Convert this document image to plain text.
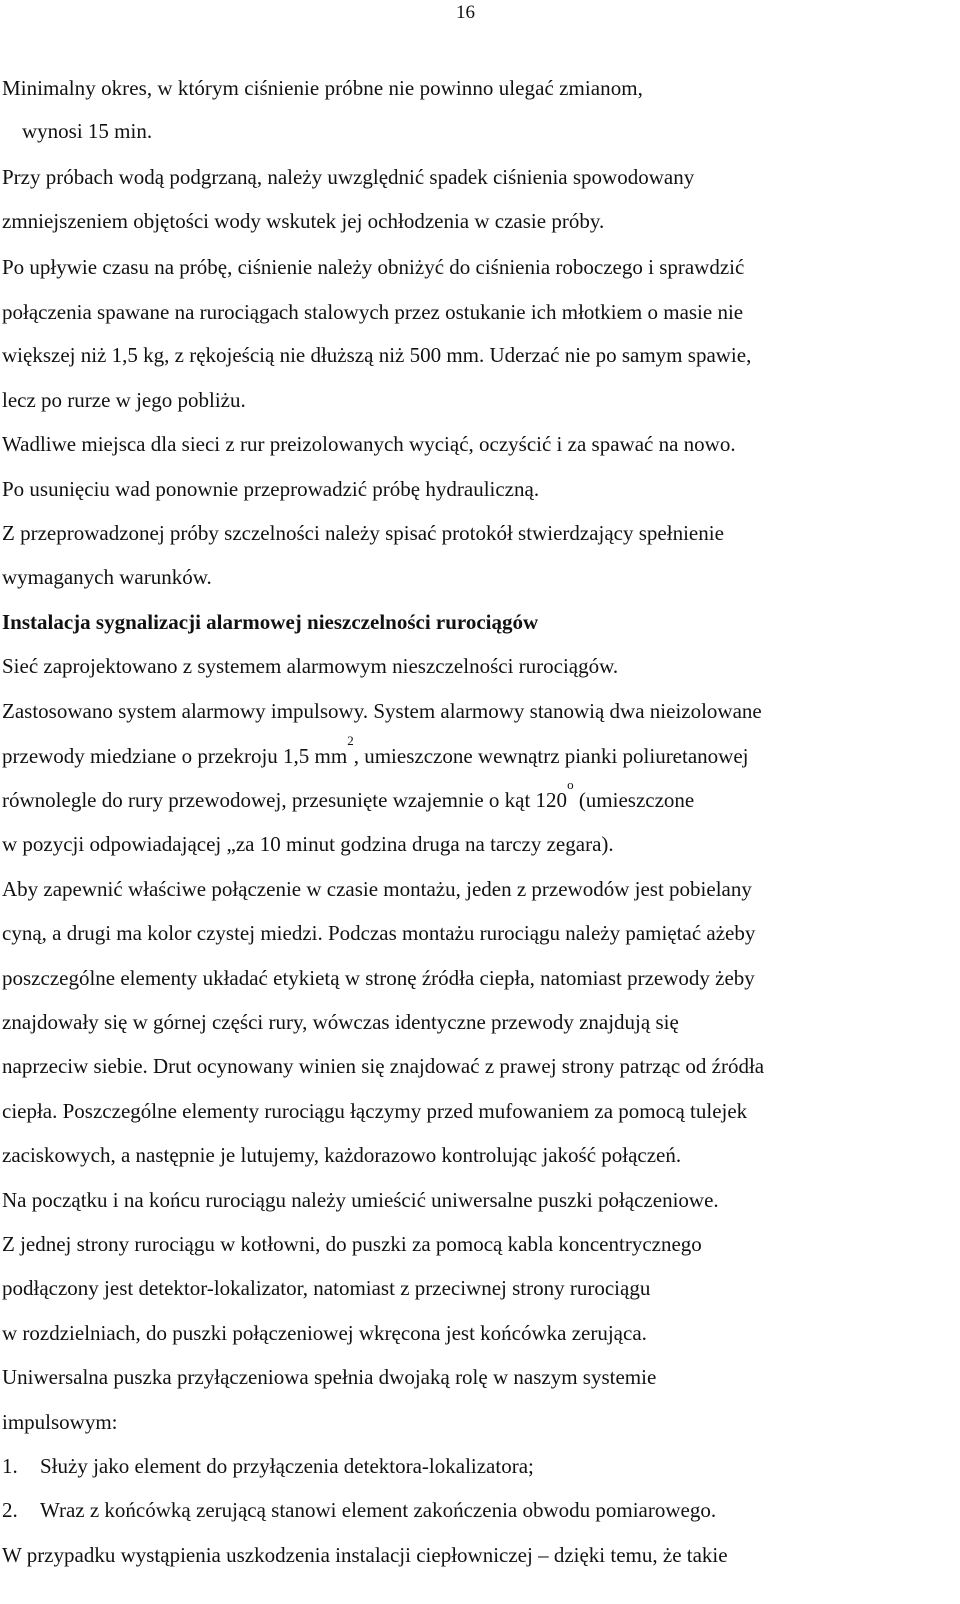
16
Minimalny okres, w którym ciśnienie próbne nie powinno ulegać zmianom,
wynosi 15 min.
Przy próbach wodą podgrzaną, należy uwzględnić spadek ciśnienia spowodowany
zmniejszeniem objętości wody wskutek jej ochłodzenia w czasie próby.
Po upływie czasu na próbę, ciśnienie należy obniżyć do ciśnienia roboczego i sprawdzić
połączenia spawane na rurociągach stalowych przez ostukanie ich młotkiem o masie nie
większej niż 1,5 kg, z rękojeścią nie dłuższą niż 500 mm. Uderzać nie po samym spawie,
lecz po rurze w jego pobliżu.
Wadliwe miejsca dla sieci z rur preizolowanych wyciąć, oczyścić i za spawać na nowo.
Po usunięciu wad ponownie przeprowadzić próbę hydrauliczną.
Z przeprowadzonej próby szczelności należy spisać protokół stwierdzający spełnienie
wymaganych warunków.
Instalacja sygnalizacji alarmowej nieszczelności rurociągów
Sieć zaprojektowano z systemem alarmowym nieszczelności rurociągów.
Zastosowano system alarmowy impulsowy. System alarmowy stanowią dwa nieizolowane
przewody miedziane o przekroju 1,5 $mm^2$, umieszczone wewnątrz pianki poliuretanowej
równolegle do rury przewodowej, przesunięte wzajemnie o kąt 120$^o$ (umieszczone
w pozycji odpowiadającej „za 10 minut godzina druga na tarczy zegara).
Aby zapewnić właściwe połączenie w czasie montażu, jeden z przewodów jest pobielany
cyną, a drugi ma kolor czystej miedzi. Podczas montażu rurociągu należy pamiętać ażeby
poszczególne elementy układać etykietą w stronę źródła ciepła, natomiast przewody żeby
znajdowały się w górnej części rury, wówczas identyczne przewody znajdują się
naprzeciw siebie. Drut ocynowany winien się znajdować z prawej strony patrząc od źródła
ciepła. Poszczególne elementy rurociągu łączymy przed mufowaniem za pomocą tulejek
zaciskowych, a następnie je lutujemy, każdorazowo kontrolując jakość połączeń.
Na początku i na końcu rurociągu należy umieścić uniwersalne puszki połączeniowe.
Z jednej strony rurociągu w kotłowni, do puszki za pomocą kabla koncentrycznego
podłączony jest detektor-lokalizator, natomiast z przeciwnej strony rurociągu
w rozdzielniach, do puszki połączeniowej wkręcona jest końcówka zerująca.
Uniwersalna puszka przyłączeniowa spełnia dwojaką rolę w naszym systemie
impulsowym:
1. Służy jako element do przyłączenia detektora-lokalizatora;
2. Wraz z końcówką zerującą stanowi element zakończenia obwodu pomiarowego.
W przypadku wystąpienia uszkodzenia instalacji ciepłowniczej – dzięki temu, że takie
